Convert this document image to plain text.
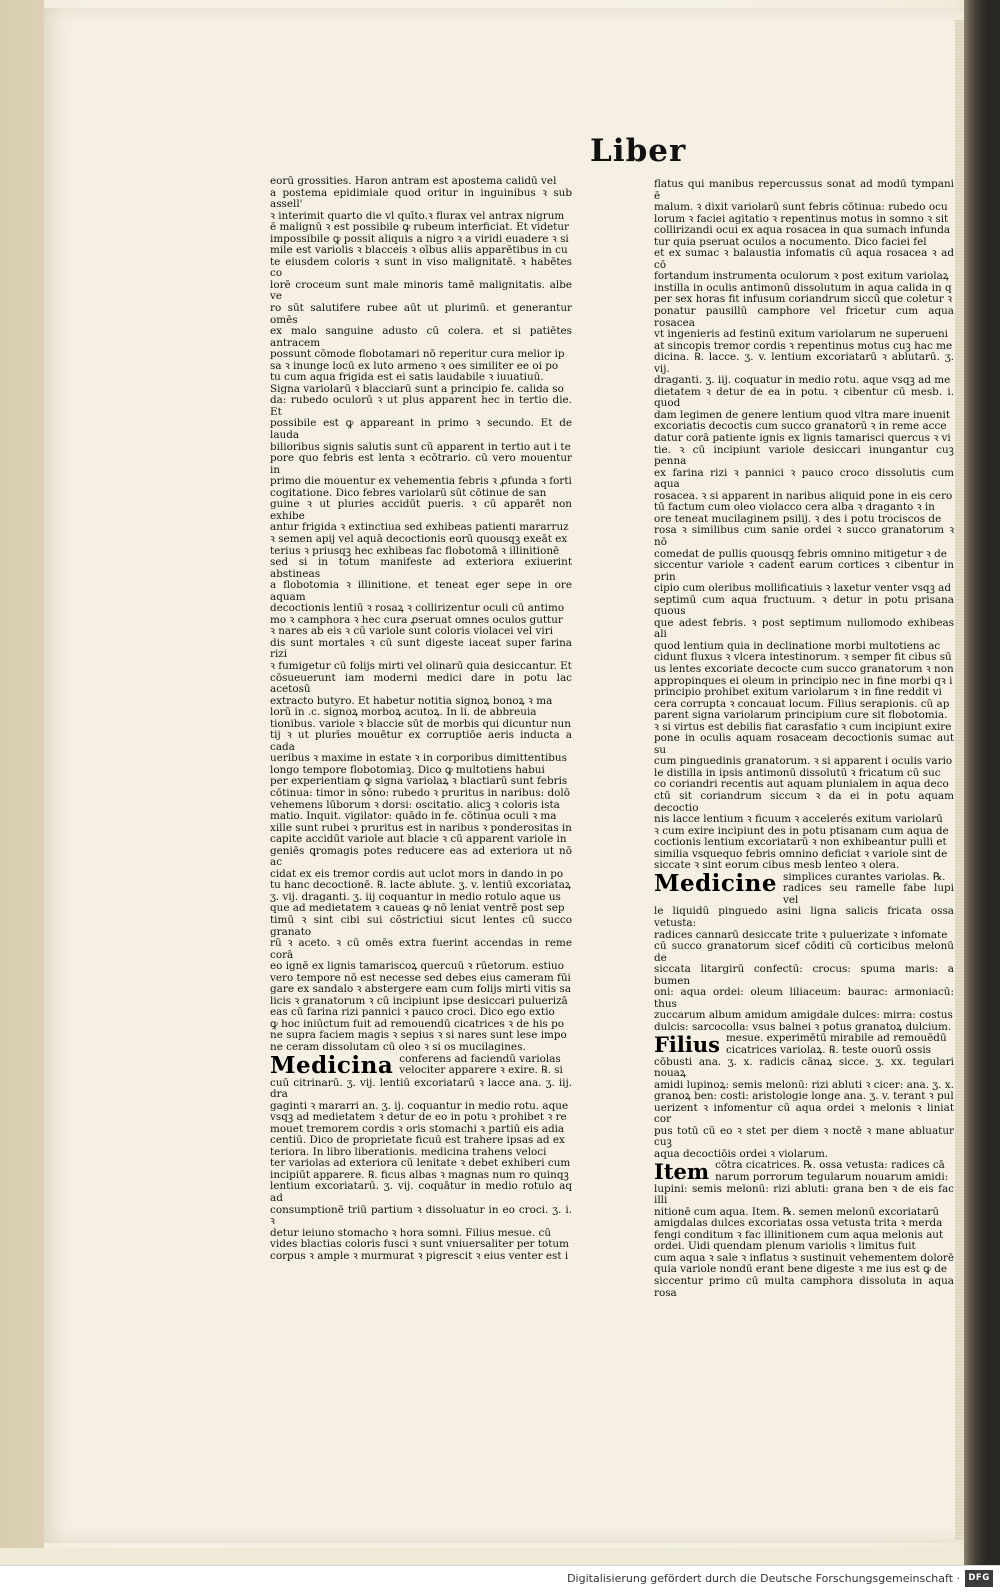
Liber

eorū grossities. Haron antram est apostema calidū vel

a postema epidimiale quod oritur in inguinibus ꝛ sub assell'

ꝛ interimit quarto die vl quīto.ꝛ flurax vel antrax nigrum

ē malignū ꝛ est possibile ꝙ rubeum interficiat. Et videtur

impossibile ꝙ possit aliquis a nigro ꝛ a viridi euadere ꝛ si

mile est variolis ꝛ blacceis ꝛ oībus aliis apparētibus in cu

te eiusdem coloris ꝛ sunt in viso malignitatē. ꝛ habētes co

lorē croceum sunt male minoris tamē malignitatis. albe ve

ro sūt salutifere rubee aūt ut plurimū. et generantur omēs

ex malo sanguine adusto cū colera. et si patiētes antracem

possunt cōmode flobotamari nō reperitur cura melior ip

sa ꝛ inunge locū ex luto armeno ꝛ oes similiter ee oi po

tu cum aqua frigida est ei satis laudabile ꝛ iuuatiuū.

Signa variolarū ꝛ blacciarū sunt a principio fe. calida so

da: rubedo oculorū ꝛ ut plus apparent hec in tertio die. Et

possibile est ꝙ appareant in primo ꝛ secundo. Et de lauda

bilioribus signis salutis sunt cū apparent in tertio aut i te

pore quo febris est lenta ꝛ ecōtrario. cū vero mouentur in

primo die mouentur ex vehementia febris ꝛ ꝓfunda ꝛ forti

cogitatione. Dico febres variolarū sūt cōtinue de san

guine ꝛ ut pluries accidūt pueris. ꝛ cū apparēt non exhibe

antur frigida ꝛ extinctiua sed exhibeas patienti mararruz

ꝛ semen apij vel aquā decoctionis eorū quousqꝫ exeāt ex

terius ꝛ priusqꝫ hec exhibeas fac flobotomā ꝛ illinitionē

sed si in totum manifeste ad exteriora exiuerint abstineas

a flobotomia ꝛ illinitione. et teneat eger sepe in ore aquam

decoctionis lentiū ꝛ rosaꝝ ꝛ collirizentur oculi cū antimo

mo ꝛ camphora ꝛ hec cura ꝓseruat omnes oculos guttur

ꝛ nares ab eis ꝛ cū variole sunt coloris violacei vel viri

dis sunt mortales ꝛ cū sunt digeste iaceat super farina rizi

ꝛ fumigetur cū folijs mirti vel olinarū quia desiccantur. Et

cōsueuerunt iam moderni medici dare in potu lac acetosū

extracto butyro. Et habetur notitia signoꝝ bonoꝝ ꝛ ma

lorū in .c. signoꝝ morboꝝ acutoꝝ. In li. de abbreuia

tionibus. variole ꝛ blaccie sūt de morbis qui dicuntur nun

tij ꝛ ut plurīes mouētur ex corruptiōe aeris inducta a cada

ueribus ꝛ maxime in estate ꝛ in corporibus dimittentibus

longo tempore flobotomiaꝫ. Dico ꝙ multotiens habui

per experientiam ꝙ signa variolaꝝ ꝛ blactiarū sunt febris

cōtinua: timor in sōno: rubedo ꝛ pruritus in naribus: dolō

vehemens lūborum ꝛ dorsi: oscitatio. alicꝫ ꝛ coloris ista

matio. Inquit. vigilator: quādo in fe. cōtinua oculi ꝛ ma

xille sunt rubei ꝛ pruritus est in naribus ꝛ ponderositas in

capite accidūt variole aut blacie ꝛ cū apparent variole in

geniēs ꝗromagis potes reducere eas ad exteriora ut nō ac

cidat ex eis tremor cordis aut uclot mors in dando in po

tu hanc decoctionē. ℞. lacte ablute. ʒ. v. lentiū excoriataꝝ

ʒ. vij. draganti. ʒ. iij coquantur in medio rotulo aque us

que ad medietatem ꝛ caueas ꝙ nō leniat ventrē post sep

timū ꝛ sint cibi sui cōstrictiui sicut lentes cū succo granato

rū ꝛ aceto. ꝛ cū omēs extra fuerint accendas in reme corā

eo ignē ex lignis tamariscoꝝ quercuū ꝛ rūetorum. estiuo

vero tempore nō est necesse sed debes eius cameram fūi

gare ex sandalo ꝛ abstergere eam cum folijs mirti vitis sa

licis ꝛ granatorum ꝛ cū incipiunt ipse desiccari puluerizā

eas cū farina rizi pannici ꝛ pauco croci. Dico ego extio

ꝙ hoc iniūctum fuit ad remouendū cicatrices ꝛ de his po

ne supra faciem magis ꝛ sepius ꝛ si nares sunt lese impo

ne ceram dissolutam cū oleo ꝛ si os mucilagines.

Medicina conferens ad faciendū variolas

velociter apparere ꝛ exire. ℞. si

cuū citrinarū. ʒ. vij. lentiū excoriatarū ꝛ lacce ana. ʒ. iij. dra

gaginti ꝛ mararri an. ʒ. ij. coquantur in medio rotu. aque

vsqꝫ ad medietatem ꝛ detur de eo in potu ꝛ prohibet ꝛ re

mouet tremorem cordis ꝛ oris stomachi ꝛ partiū eis adia

centiū. Dico de proprietate ficuū est trahere ipsas ad ex

teriora. In libro liberationis. medicina trahens veloci

ter variolas ad exteriora cū lenitate ꝛ debet exhiberi cum

incipiūt apparere. ℞. ficus albas ꝛ magnas num ro quinqꝫ

lentium excoriatarū. ʒ. vij. coquātur in medio rotulo aq ad

consumptionē triū partium ꝛ dissoluatur in eo croci. ʒ. i. ꝛ

detur ieiuno stomacho ꝛ hora somni. Filius mesue. cū

vides blactias coloris fusci ꝛ sunt vniuersaliter per totum

corpus ꝛ ample ꝛ murmurat ꝛ pigrescit ꝛ eius venter est i

flatus qui manibus repercussus sonat ad modū tympani ē

malum. ꝛ dixit variolarū sunt febris cōtinua: rubedo ocu

lorum ꝛ faciei agitatio ꝛ repentinus motus in somno ꝛ sit

collirizandi ocui ex aqua rosacea in qua sumach infunda

tur quia pseruat oculos a nocumento. Dico faciei fel

et ex sumac ꝛ balaustia infomatis cū aqua rosacea ꝛ ad cō

fortandum instrumenta oculorum ꝛ post exitum variolaꝝ

instilla in oculis antimonū dissolutum in aqua calida in q

per sex horas fit infusum coriandrum siccū que coletur ꝛ

ponatur pausillū camphore vel fricetur cum aqua rosacea

vt ingenieris ad festinū exitum variolarum ne superueni

at sincopis tremor cordis ꝛ repentinus motus cuꝫ hac me

dicina. ℞. lacce. ʒ. v. lentium excoriatarū ꝛ ablutarū. ʒ. vij.

draganti. ʒ. iij. coquatur in medio rotu. aque vsqꝫ ad me

dietatem ꝛ detur de ea in potu. ꝛ cibentur cū mesb. i. quod

dam legimen de genere lentium quod vltra mare inuenit

excoriatis decoctis cum succo granatorū ꝛ in reme acce

datur corā patiente ignis ex lignis tamarisci quercus ꝛ vi

tie. ꝛ cū incipiunt variole desiccari inungantur cuꝫ penna

ex farina rizi ꝛ pannici ꝛ pauco croco dissolutis cum aqua

rosacea. ꝛ si apparent in naribus aliquid pone in eis cero

tū factum cum oleo violacco cera alba ꝛ draganto ꝛ in

ore teneat mucilaginem psilij. ꝛ des i potu trociscos de

rosa ꝛ similibus cum sanie ordei ꝛ succo granatorum ꝛ nō

comedat de pullis quousqꝫ febris omnino mitigetur ꝛ de

siccentur variole ꝛ cadent earum cortices ꝛ cibentur in prin

cipio cum oleribus mollificatiuis ꝛ laxetur venter vsqꝫ ad

septimū cum aqua fructuum. ꝛ detur in potu prisana quous

que adest febris. ꝛ post septimum nullomodo exhibeas ali

quod lentium quia in declinatione morbi multotiens ac

cidunt fluxus ꝛ vlcera intestinorum. ꝛ semper fit cibus sū

us lentes excoriate decocte cum succo granatorum ꝛ non

appropinques ei oleum in principio nec in fine morbi qꝛ i

principio prohibet exitum variolarum ꝛ in fine reddit vi

cera corrupta ꝛ concauat locum. Filius serapionis. cū ap

parent signa variolarum principium cure sit flobotomia.

ꝛ si virtus est debilis fiat carasfatio ꝛ cum incipiunt exire

pone in oculis aquam rosaceam decoctionis sumac aut su

cum pinguedinis granatorum. ꝛ si apparent i oculis vario

le distilla in ipsis antimonū dissolutū ꝛ fricatum cū suc

co coriandri recentis aut aquam plunialem in aqua deco

ctū sit coriandrum siccum ꝛ da ei in potu aquam decoctio

nis lacce lentium ꝛ ficuum ꝛ accelerés exitum variolarū

ꝛ cum exire incipiunt des in potu ptisanam cum aqua de

coctionis lentium excoriatarū ꝛ non exhibeantur pulli et

similia vsquequo febris omnino deficiat ꝛ variole sint de

siccate ꝛ sint eorum cibus mesb lenteo ꝛ olera.

Medicine simplices curantes variolas. ℞.

radices seu ramelle fabe lupi vel

le liquidū pinguedo asini ligna salicis fricata ossa vetusta:

radices cannarū desiccate trite ꝛ puluerizate ꝛ infomate

cū succo granatorum sicef cōditi cū corticibus melonū de

siccata litargirū confectū: crocus: spuma maris: a bumen

oni: aqua ordei: oleum liliaceum: baurac: armoniacū: thus

zuccarum album amidum amigdale dulces: mirra: costus

dulcis: sarcocolla: vsus balnei ꝛ potus granatoꝝ dulcium.

Filius mesue. experimētū mirabile ad remouēdū

cicatrices variolaꝝ. ℞. teste ouorū ossis

cōbusti ana. ʒ. x. radicis cānaꝝ sicce. ʒ. xx. tegulari nouaꝝ

amidi lupinoꝝ: semis melonū: rizi abluti ꝛ cicer: ana. ʒ. x.

granoꝝ ben: costi: aristologie longe ana. ʒ. v. terant ꝛ pul

uerizent ꝛ infomentur cū aqua ordei ꝛ melonis ꝛ liniat cor

pus totū cū eo ꝛ stet per diem ꝛ noctē ꝛ mane abluatur cuꝫ

aqua decoctiōis ordei ꝛ violarum.

Item cōtra cicatrices. ℞. ossa vetusta: radices cā

narum porrorum tegularum nouarum amidi:

lupini: semis melonū: rizi abluti: grana ben ꝛ de eis fac illi

nitionē cum aqua. Item. ℞. semen melonū excoriatarū

amigdalas dulces excoriatas ossa vetusta trita ꝛ merda

fengi conditum ꝛ fac illinitionem cum aqua melonis aut

ordei. Uidi quendam plenum variolis ꝛ limitus fuit

cum aqua ꝛ sale ꝛ inflatus ꝛ sustinuit vehementem dolorē

quia variole nondū erant bene digeste ꝛ me ius est ꝙ de

siccentur primo cū multa camphora dissoluta in aqua rosa

Digitalisierung gefördert durch die Deutsche Forschungsgemeinschaft · DFG
